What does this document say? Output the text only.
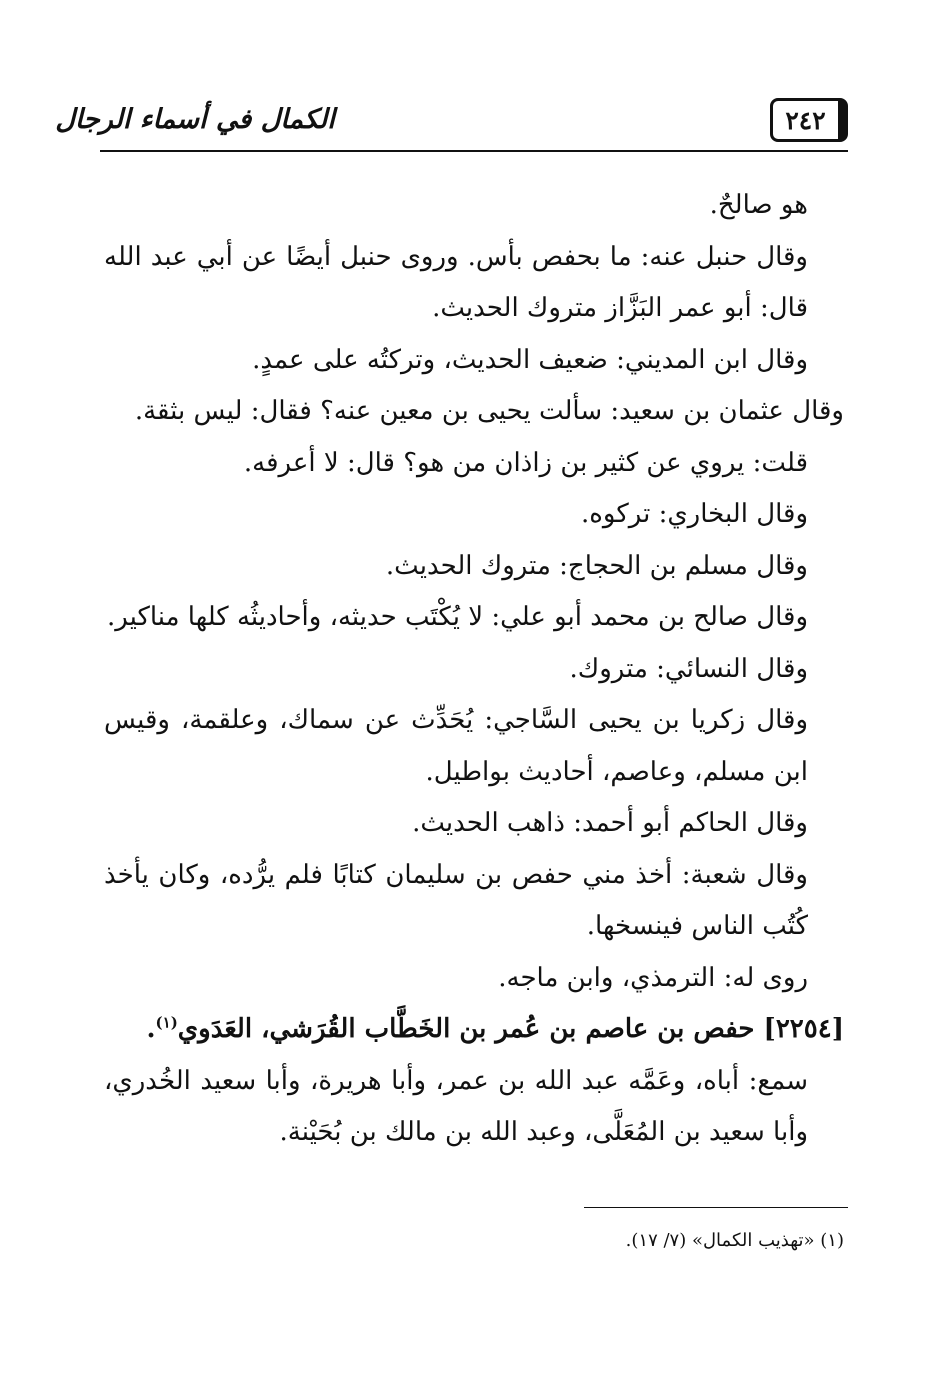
٢٤٢
الكمال في أسماء الرجال

هو صالحٌ.

وقال حنبل عنه: ما بحفص بأس. وروى حنبل أيضًا عن أبي عبد الله قال: أبو عمر البَزَّاز متروك الحديث.

وقال ابن المديني: ضعيف الحديث، وتركتُه على عمدٍ.

وقال عثمان بن سعيد: سألت يحيى بن معين عنه؟ فقال: ليس بثقة.

قلت: يروي عن كثير بن زاذان من هو؟ قال: لا أعرفه.

وقال البخاري: تركوه.

وقال مسلم بن الحجاج: متروك الحديث.

وقال صالح بن محمد أبو علي: لا يُكْتَب حديثه، وأحاديثُه كلها مناكير.

وقال النسائي: متروك.

وقال زكريا بن يحيى السَّاجي: يُحَدِّث عن سماك، وعلقمة، وقيس ابن مسلم، وعاصم، أحاديث بواطيل.

وقال الحاكم أبو أحمد: ذاهب الحديث.

وقال شعبة: أخذ مني حفص بن سليمان كتابًا فلم يرُّده، وكان يأخذ كُتُب الناس فينسخها.

روى له: الترمذي، وابن ماجه.

[٢٢٥٤] حفص بن عاصم بن عُمر بن الخَطَّاب القُرَشي، العَدَوي$^{(١)}$.

سمع: أباه، وعَمَّه عبد الله بن عمر، وأبا هريرة، وأبا سعيد الخُدري، وأبا سعيد بن المُعَلَّى، وعبد الله بن مالك بن بُحَيْنة.

(١) «تهذيب الكمال» (٧/ ١٧).
